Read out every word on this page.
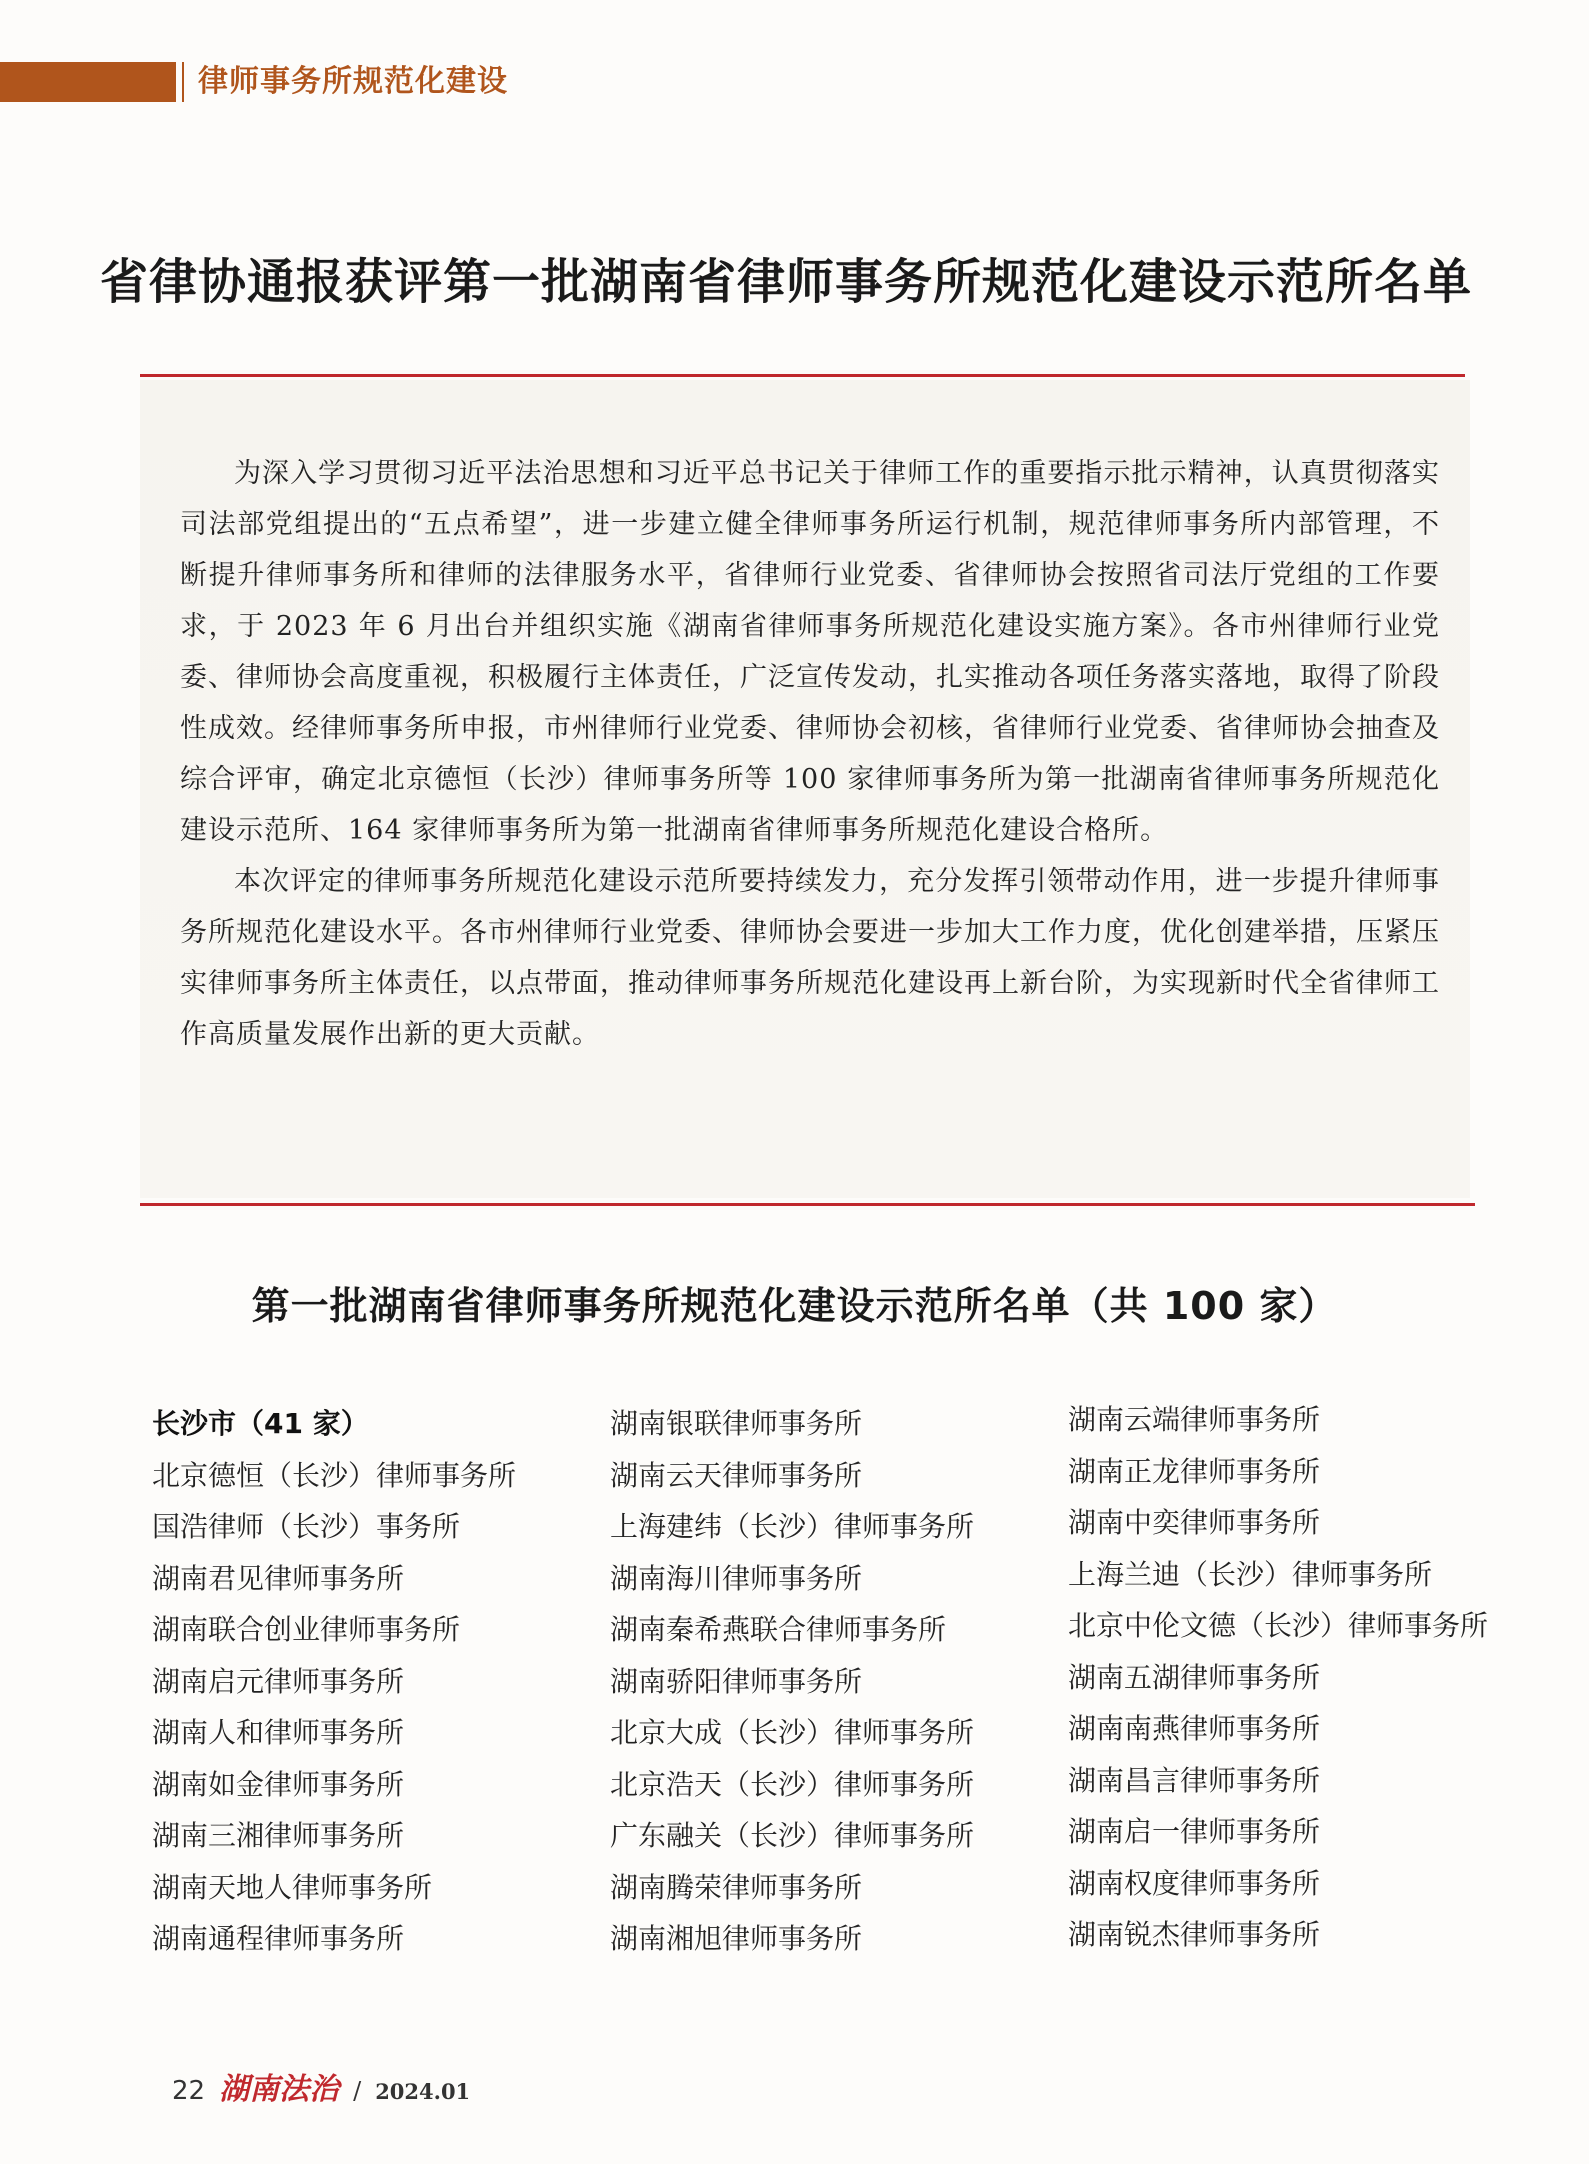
律师事务所规范化建设
省律协通报获评第一批湖南省律师事务所规范化建设示范所名单

为深入学习贯彻习近平法治思想和习近平总书记关于律师工作的重要指示批示精神，认真贯彻落实司法部党组提出的“五点希望”，进一步建立健全律师事务所运行机制，规范律师事务所内部管理，不断提升律师事务所和律师的法律服务水平，省律师行业党委、省律师协会按照省司法厅党组的工作要求，于 2023 年 6 月出台并组织实施《湖南省律师事务所规范化建设实施方案》。各市州律师行业党委、律师协会高度重视，积极履行主体责任，广泛宣传发动，扎实推动各项任务落实落地，取得了阶段性成效。经律师事务所申报，市州律师行业党委、律师协会初核，省律师行业党委、省律师协会抽查及综合评审，确定北京德恒（长沙）律师事务所等 100 家律师事务所为第一批湖南省律师事务所规范化建设示范所、164 家律师事务所为第一批湖南省律师事务所规范化建设合格所。

本次评定的律师事务所规范化建设示范所要持续发力，充分发挥引领带动作用，进一步提升律师事务所规范化建设水平。各市州律师行业党委、律师协会要进一步加大工作力度，优化创建举措，压紧压实律师事务所主体责任，以点带面，推动律师事务所规范化建设再上新台阶，为实现新时代全省律师工作高质量发展作出新的更大贡献。

第一批湖南省律师事务所规范化建设示范所名单（共 100 家）
长沙市（41 家）
北京德恒（长沙）律师事务所
国浩律师（长沙）事务所
湖南君见律师事务所
湖南联合创业律师事务所
湖南启元律师事务所
湖南人和律师事务所
湖南如金律师事务所
湖南三湘律师事务所
湖南天地人律师事务所
湖南通程律师事务所
湖南银联律师事务所
湖南云天律师事务所
上海建纬（长沙）律师事务所
湖南海川律师事务所
湖南秦希燕联合律师事务所
湖南骄阳律师事务所
北京大成（长沙）律师事务所
北京浩天（长沙）律师事务所
广东融关（长沙）律师事务所
湖南腾荣律师事务所
湖南湘旭律师事务所
湖南云端律师事务所
湖南正龙律师事务所
湖南中奕律师事务所
上海兰迪（长沙）律师事务所
北京中伦文德（长沙）律师事务所
湖南五湖律师事务所
湖南南燕律师事务所
湖南昌言律师事务所
湖南启一律师事务所
湖南权度律师事务所
湖南锐杰律师事务所
22 湖南法治 / 2024.01
